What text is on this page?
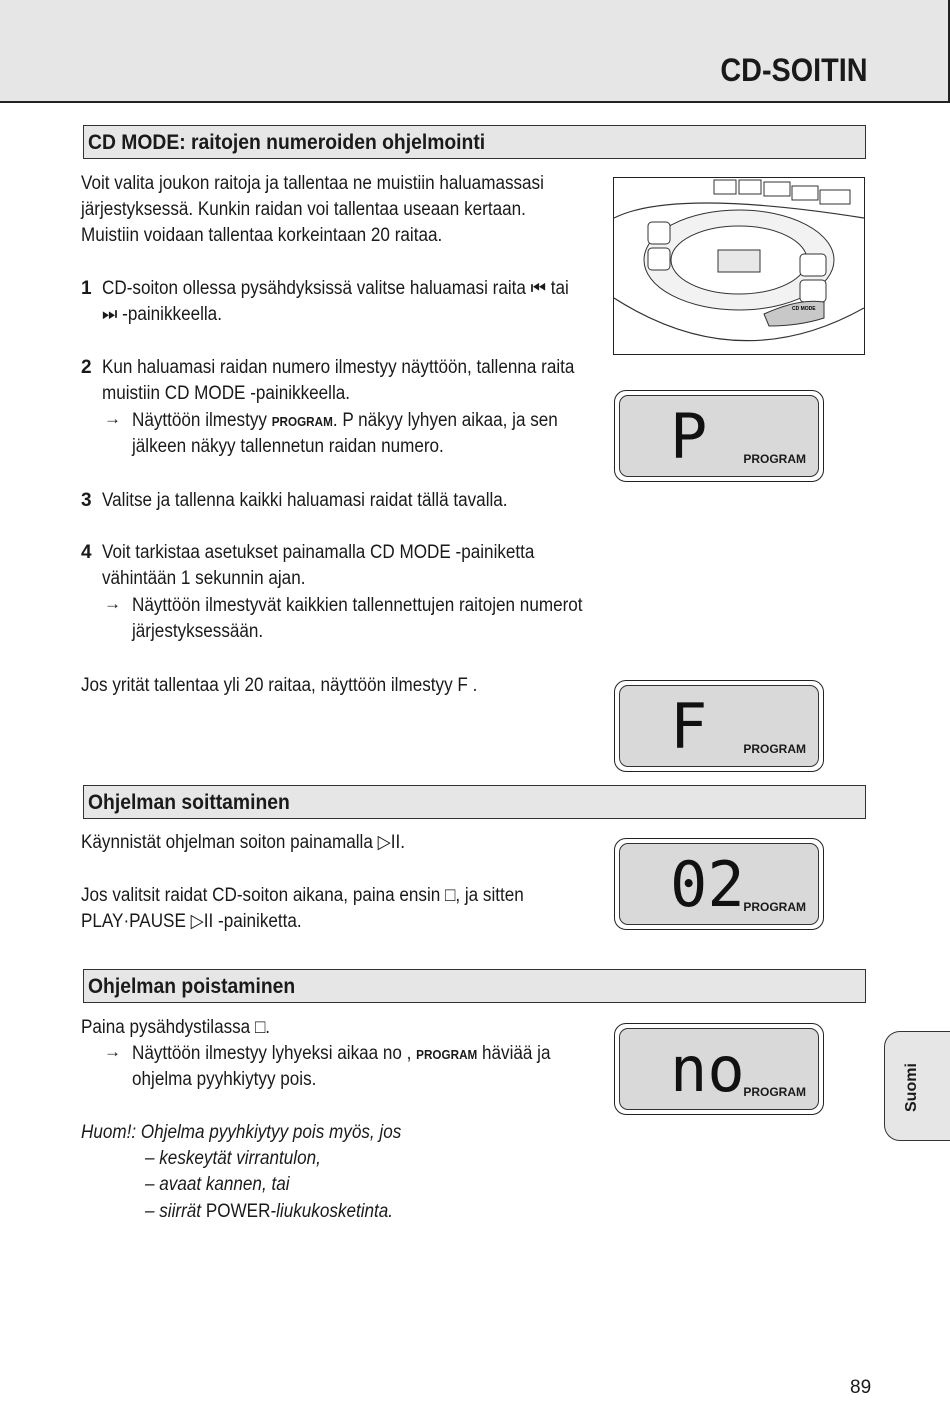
CD-SOITIN
CD MODE: raitojen numeroiden ohjelmointi
Voit valita joukon raitoja ja tallentaa ne muistiin haluamassasi
järjestyksessä. Kunkin raidan voi tallentaa useaan kertaan.
Muistiin voidaan tallentaa korkeintaan 20 raitaa.
1 CD-soiton ollessa pysähdyksissä valitse haluamasi raita ⏮ tai
⏭ -painikkeella.
2 Kun haluamasi raidan numero ilmestyy näyttöön, tallenna raita
muistiin CD MODE -painikkeella.
→ Näyttöön ilmestyy PROGRAM. P näkyy lyhyen aikaa, ja sen
jälkeen näkyy tallennetun raidan numero.
3 Valitse ja tallenna kaikki haluamasi raidat tällä tavalla.
4 Voit tarkistaa asetukset painamalla CD MODE -painiketta
vähintään 1 sekunnin ajan.
→ Näyttöön ilmestyvät kaikkien tallennettujen raitojen numerot
järjestyksessään.
Jos yrität tallentaa yli 20 raitaa, näyttöön ilmestyy F .
CD MODE
P	PROGRAM
F	PROGRAM
02
PROGRAM
no
PROGRAM
Ohjelman soittaminen
Käynnistät ohjelman soiton painamalla ▷II.
Jos valitsit raidat CD-soiton aikana, paina ensin □, ja sitten
PLAY·PAUSE ▷II -painiketta.
Ohjelman poistaminen
Paina pysähdystilassa □.
→ Näyttöön ilmestyy lyhyeksi aikaa no , PROGRAM häviää ja
ohjelma pyyhkiytyy pois.
Huom!: Ohjelma pyyhkiytyy pois myös, jos
– keskeytät virrantulon,
– avaat kannen, tai
– siirrät POWER-liukukosketinta.
Suomi
89
